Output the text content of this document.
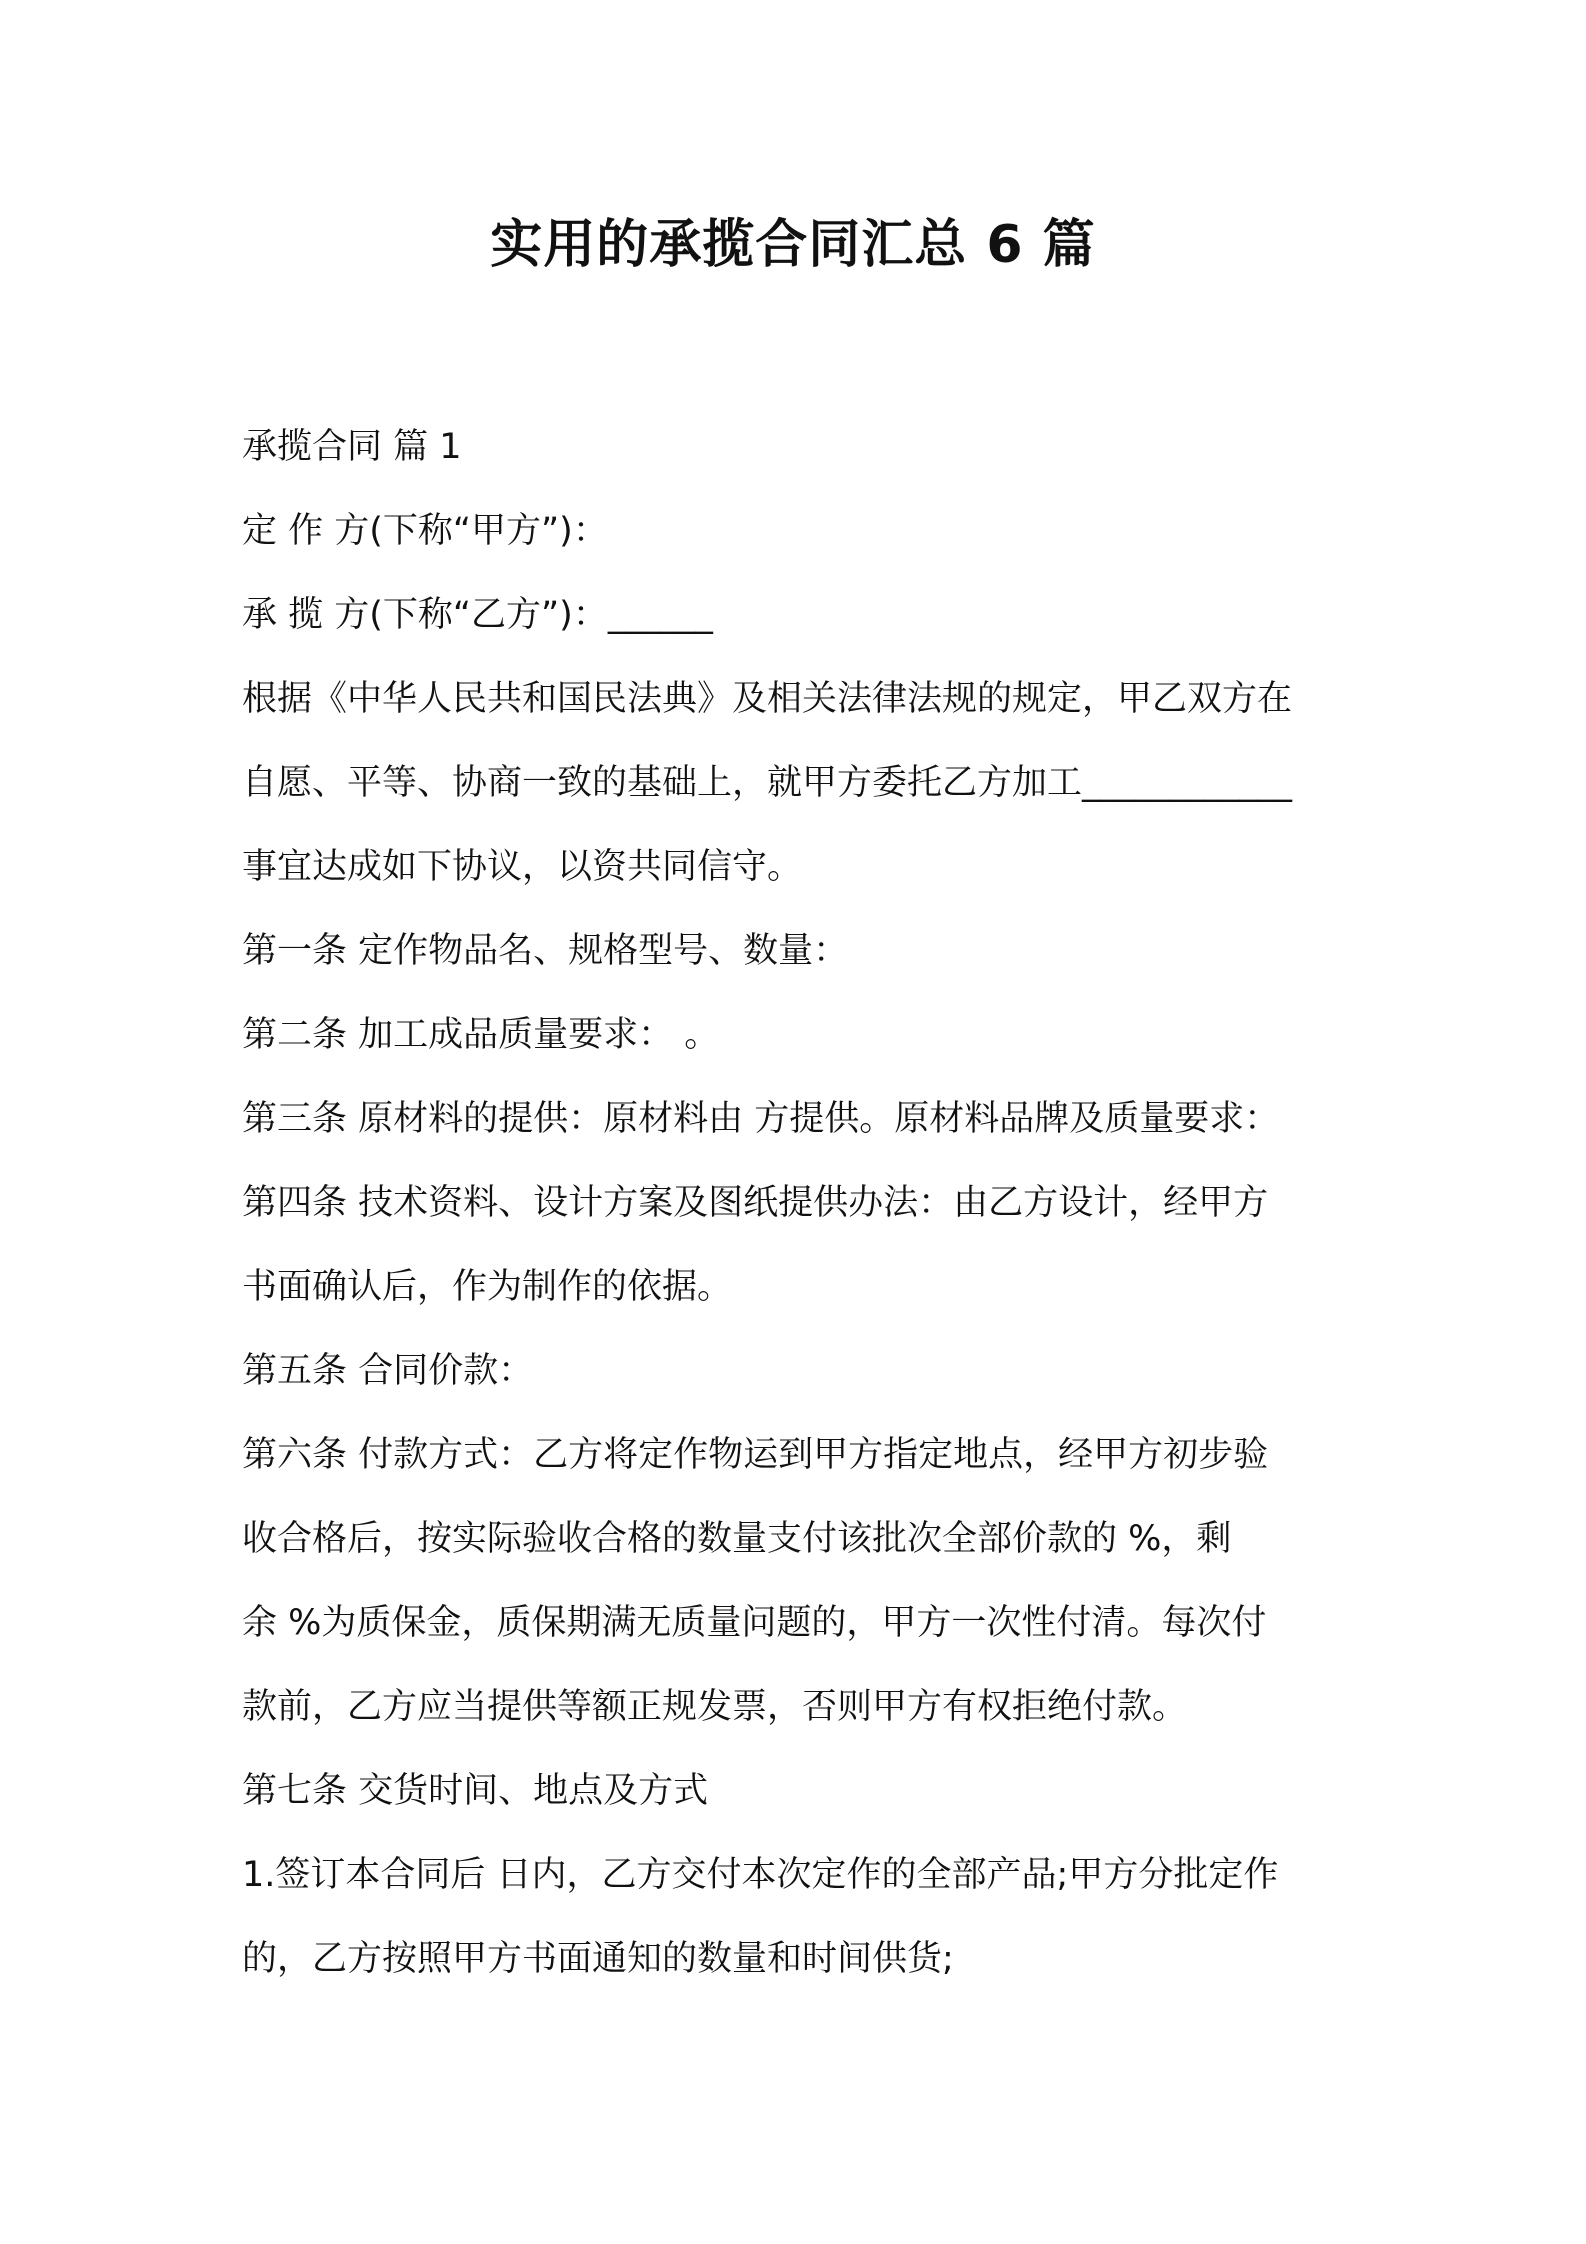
实用的承揽合同汇总 6 篇

承揽合同 篇 1

定 作 方(下称“甲方”)：

承 揽 方(下称“乙方”)：______

根据《中华人民共和国民法典》及相关法律法规的规定，甲乙双方在

自愿、平等、协商一致的基础上，就甲方委托乙方加工____________

事宜达成如下协议，以资共同信守。

第一条 定作物品名、规格型号、数量：

第二条 加工成品质量要求： 。

第三条 原材料的提供：原材料由 方提供。原材料品牌及质量要求：

第四条 技术资料、设计方案及图纸提供办法：由乙方设计，经甲方

书面确认后，作为制作的依据。

第五条 合同价款：

第六条 付款方式：乙方将定作物运到甲方指定地点，经甲方初步验

收合格后，按实际验收合格的数量支付该批次全部价款的 %，剩

余 %为质保金，质保期满无质量问题的，甲方一次性付清。每次付

款前，乙方应当提供等额正规发票，否则甲方有权拒绝付款。

第七条 交货时间、地点及方式

1.签订本合同后 日内，乙方交付本次定作的全部产品;甲方分批定作

的，乙方按照甲方书面通知的数量和时间供货;
